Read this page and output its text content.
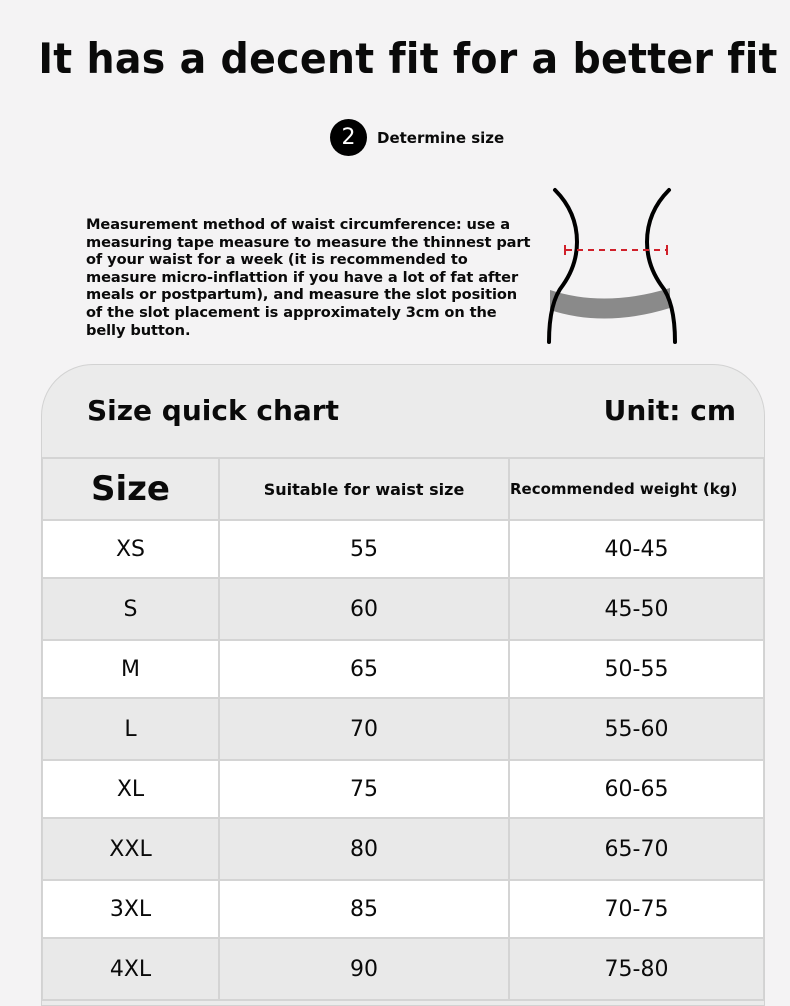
It has a decent fit for a better fit
2	Determine size
Measurement method of waist circumference: use a measuring tape measure to measure the thinnest part of your waist for a week (it is recommended to measure micro-inflattion if you have a lot of fat after meals or postpartum), and measure the slot position of the slot placement is approximately 3cm on the belly button.
Size quick chart	Unit: cm
Size	Suitable for waist size	Recommended weight (kg)
XS	55	40-45
S	60	45-50
M	65	50-55
L	70	55-60
XL	75	60-65
XXL	80	65-70
3XL	85	70-75
4XL	90	75-80
